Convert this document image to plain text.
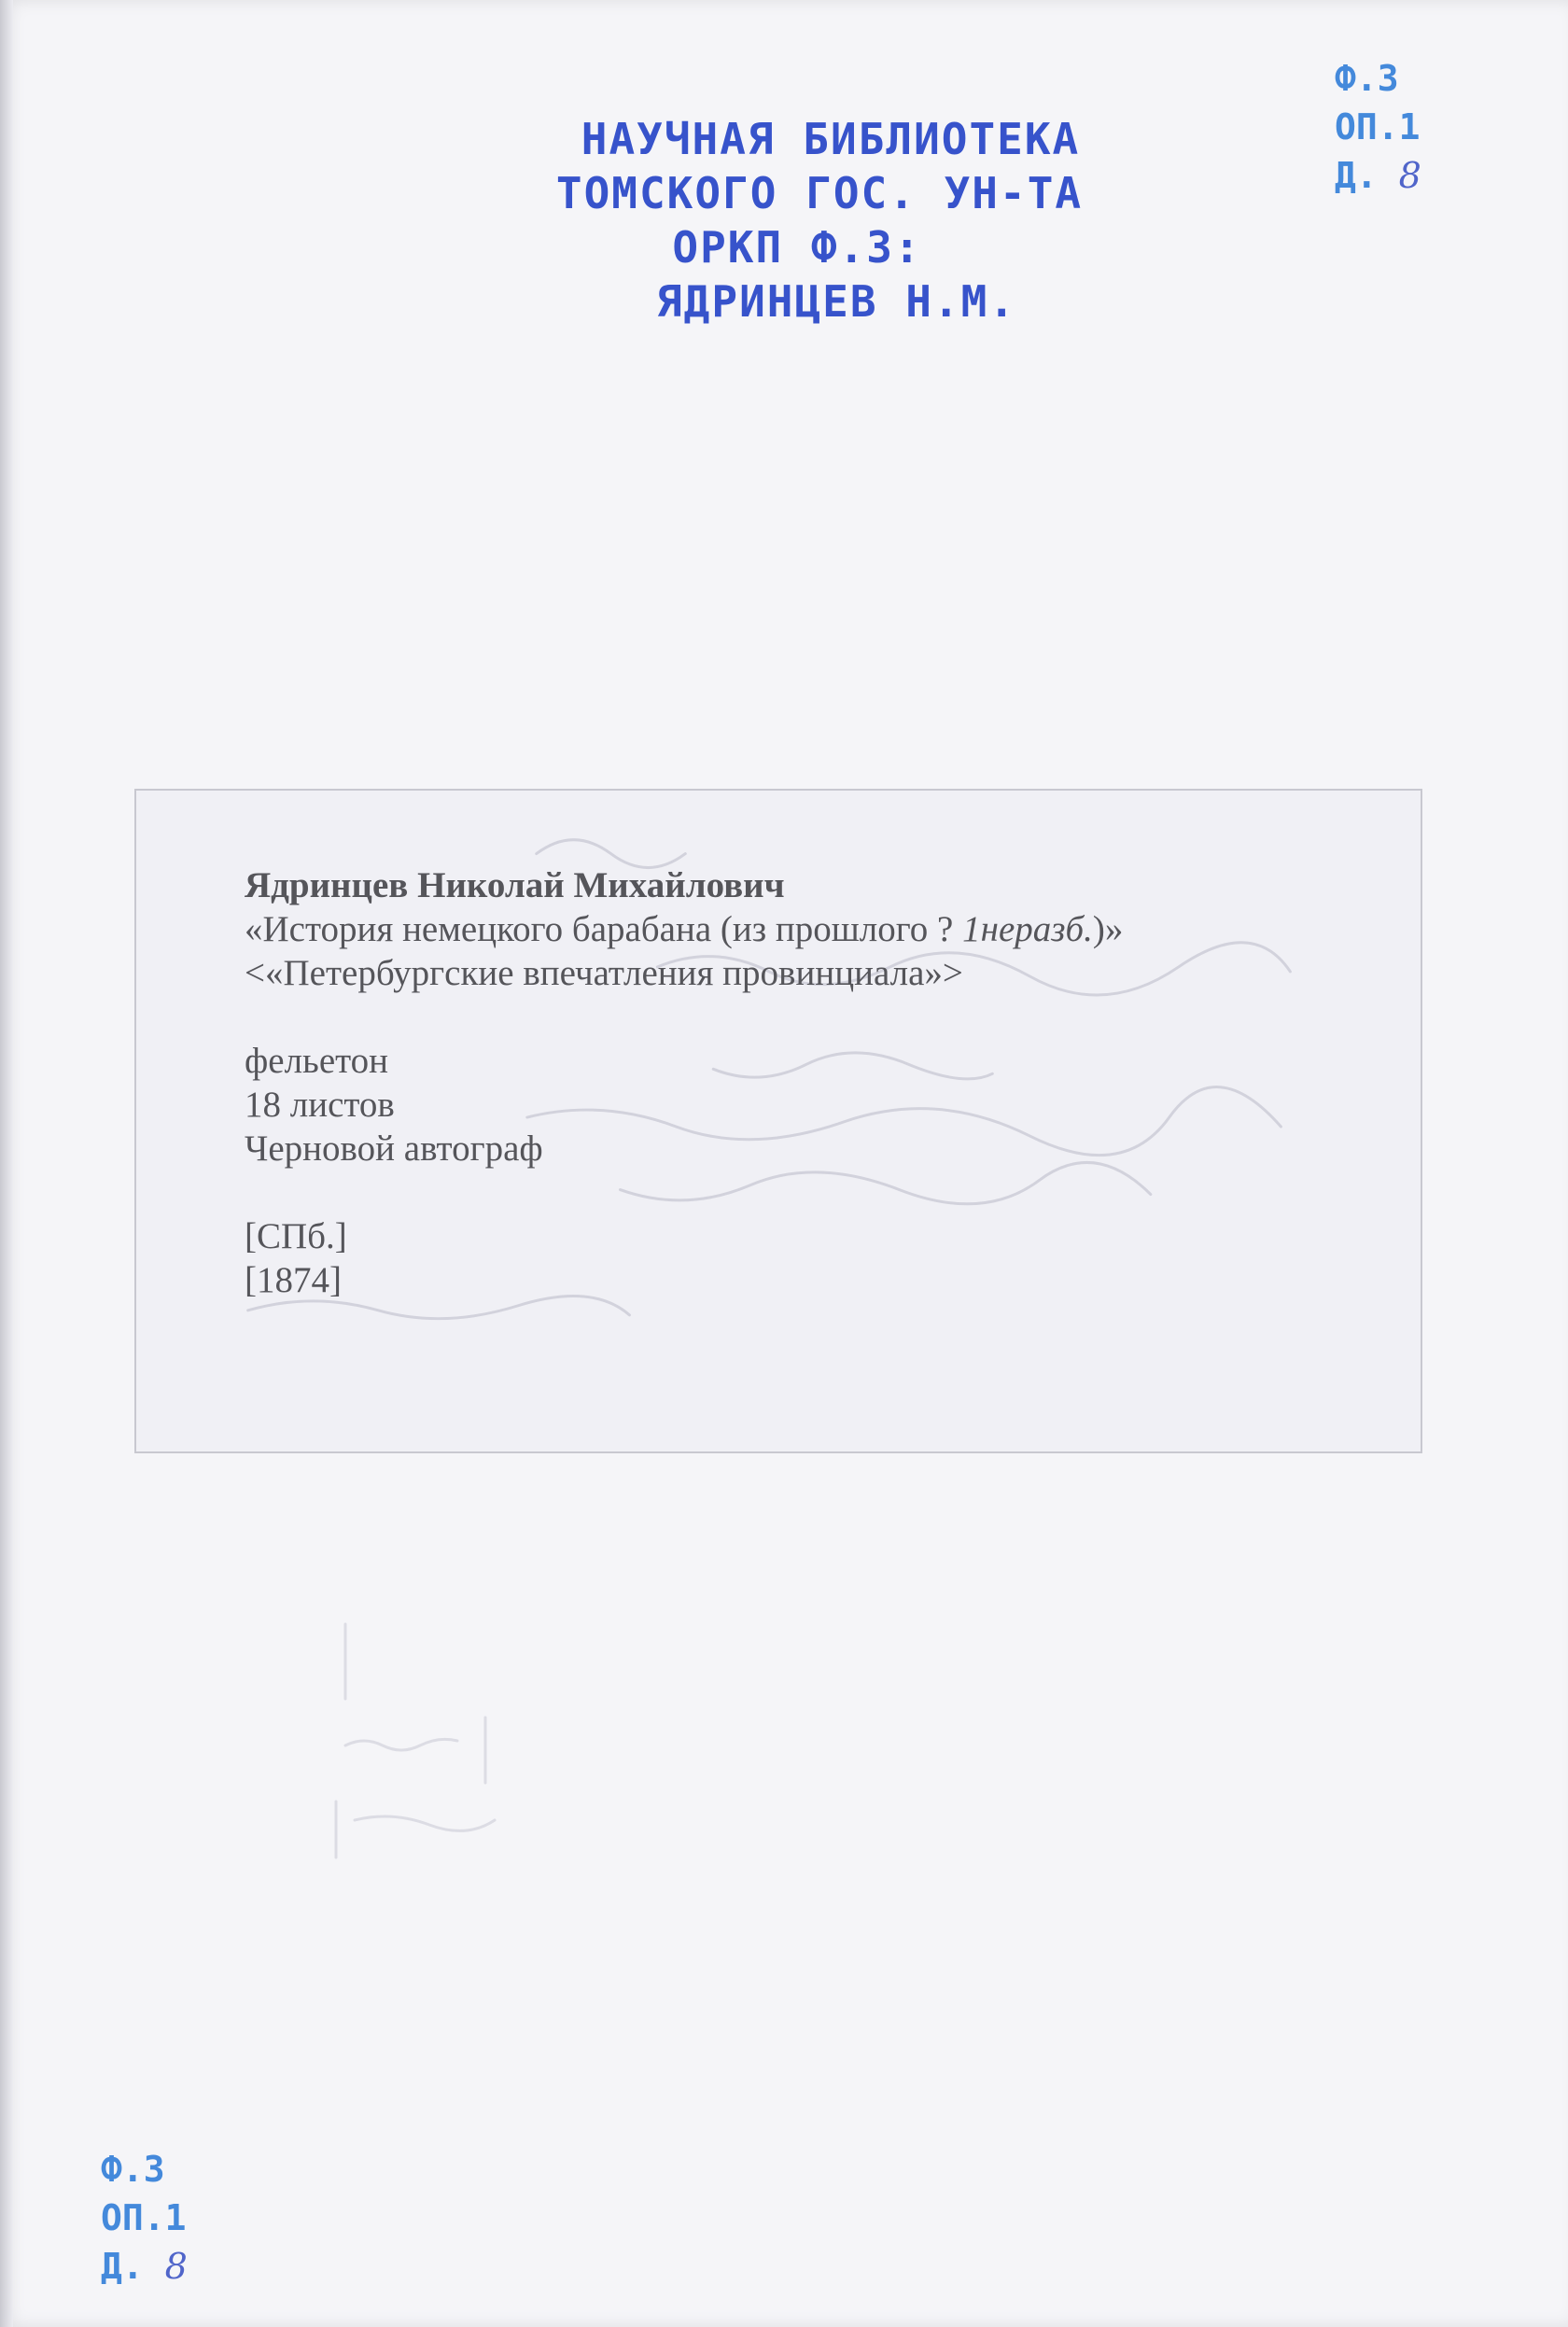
НАУЧНАЯ БИБЛИОТЕКА
ТОМСКОГО ГОС. УН-ТА
ОРКП Ф.З:
ЯДРИНЦЕВ Н.М.
Ф.3
ОП.1
Д. 8
Ядринцев Николай Михайлович
«История немецкого барабана (из прошлого ? 1неразб.)»
<«Петербургские впечатления провинциала»>
фельетон
18 листов
Черновой автограф
[СПб.]
[1874]
Ф.3
ОП.1
Д. 8
